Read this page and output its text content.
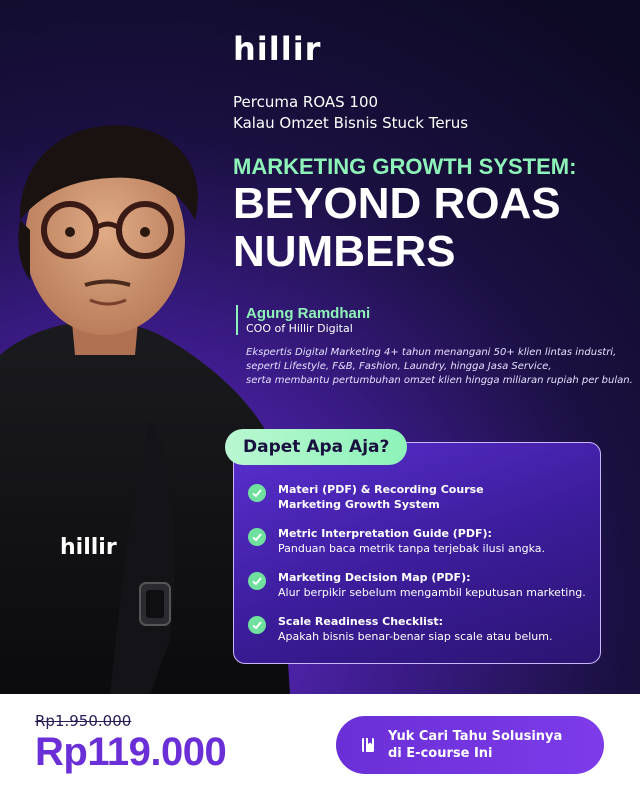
hillir
hillir
Percuma ROAS 100
Kalau Omzet Bisnis Stuck Terus
MARKETING GROWTH SYSTEM:
BEYOND ROAS
NUMBERS
Agung Ramdhani
COO of Hillir Digital
Ekspertis Digital Marketing 4+ tahun menangani 50+ klien lintas industri,
seperti Lifestyle, F&B, Fashion, Laundry, hingga Jasa Service,
serta membantu pertumbuhan omzet klien hingga miliaran rupiah per bulan.
Dapet Apa Aja?
Materi (PDF) & Recording Course
Marketing Growth System
Metric Interpretation Guide (PDF):
Panduan baca metrik tanpa terjebak ilusi angka.
Marketing Decision Map (PDF):
Alur berpikir sebelum mengambil keputusan marketing.
Scale Readiness Checklist:
Apakah bisnis benar-benar siap scale atau belum.
Rp1.950.000
Rp119.000	Yuk Cari Tahu Solusinya
di E-course Ini
